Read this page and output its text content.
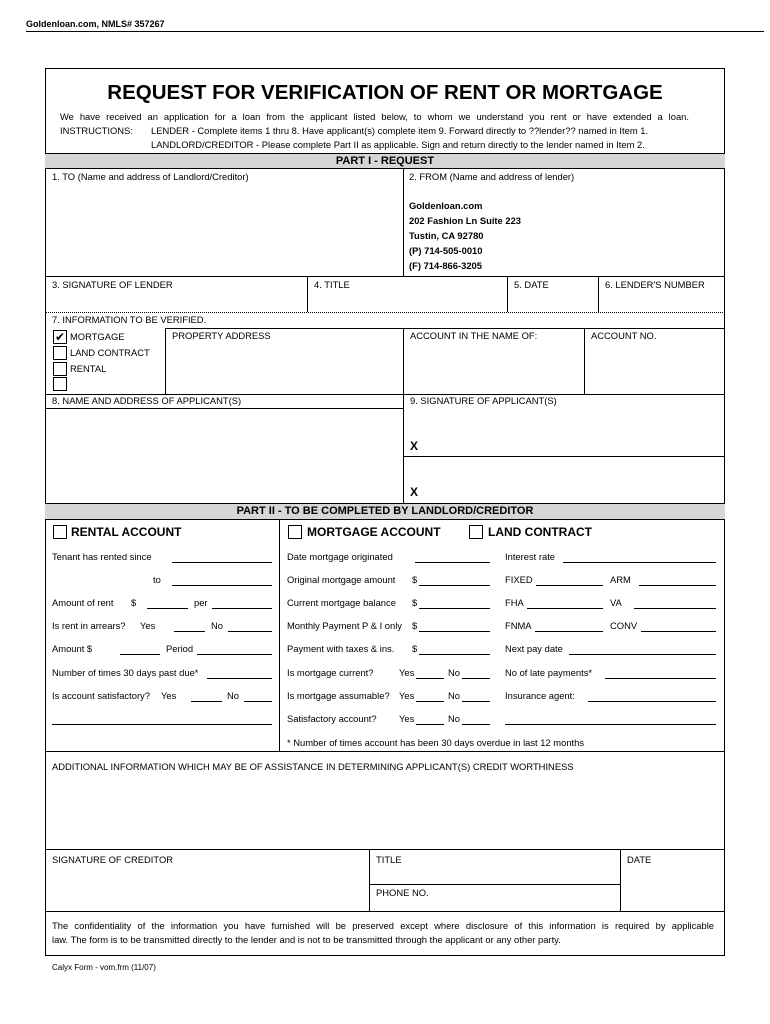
Goldenloan.com, NMLS# 357267
REQUEST FOR VERIFICATION OF RENT OR MORTGAGE
We have received an application for a loan from the applicant listed below, to whom we understand you rent or have extended a loan.
INSTRUCTIONS: LENDER - Complete items 1 thru 8. Have applicant(s) complete item 9. Forward directly to ??lender?? named in Item 1.
LANDLORD/CREDITOR - Please complete Part II as applicable. Sign and return directly to the lender named in Item 2.
PART I - REQUEST
1. TO (Name and address of Landlord/Creditor)	2. FROM (Name and address of lender)
Goldenloan.com
202 Fashion Ln Suite 223
Tustin, CA 92780
(P) 714-505-0010
(F) 714-866-3205
3. SIGNATURE OF LENDER	4. TITLE	5. DATE	6. LENDER'S NUMBER
7. INFORMATION TO BE VERIFIED.
✔ MORTGAGE
LAND CONTRACT
RENTAL
PROPERTY ADDRESS	ACCOUNT IN THE NAME OF:	ACCOUNT NO.
8. NAME AND ADDRESS OF APPLICANT(S)	9. SIGNATURE OF APPLICANT(S)
X
X
PART II - TO BE COMPLETED BY LANDLORD/CREDITOR
RENTAL ACCOUNT	MORTGAGE ACCOUNT	LAND CONTRACT
Tenant has rented since
to
Amount of rent $	per
Is rent in arrears? Yes	No
Amount $	Period
Number of times 30 days past due*
Is account satisfactory? Yes	No
Date mortgage originated
Original mortgage amount $
Current mortgage balance $
Monthly Payment P & I only $
Payment with taxes & ins. $
Is mortgage current?	Yes	No
Is mortgage assumable? Yes	No
Satisfactory account? Yes	No
Interest rate
FIXED	ARM
FHA	VA
FNMA	CONV
Next pay date
No of late payments*
Insurance agent:
* Number of times account has been 30 days overdue in last 12 months
ADDITIONAL INFORMATION WHICH MAY BE OF ASSISTANCE IN DETERMINING APPLICANT(S) CREDIT WORTHINESS
SIGNATURE OF CREDITOR	TITLE
PHONE NO.
DATE
The confidentiality of the information you have furnished will be preserved except where disclosure of this information is required by applicable
law. The form is to be transmitted directly to the lender and is not to be transmitted through the applicant or any other party.
Calyx Form - vom.frm (11/07)
